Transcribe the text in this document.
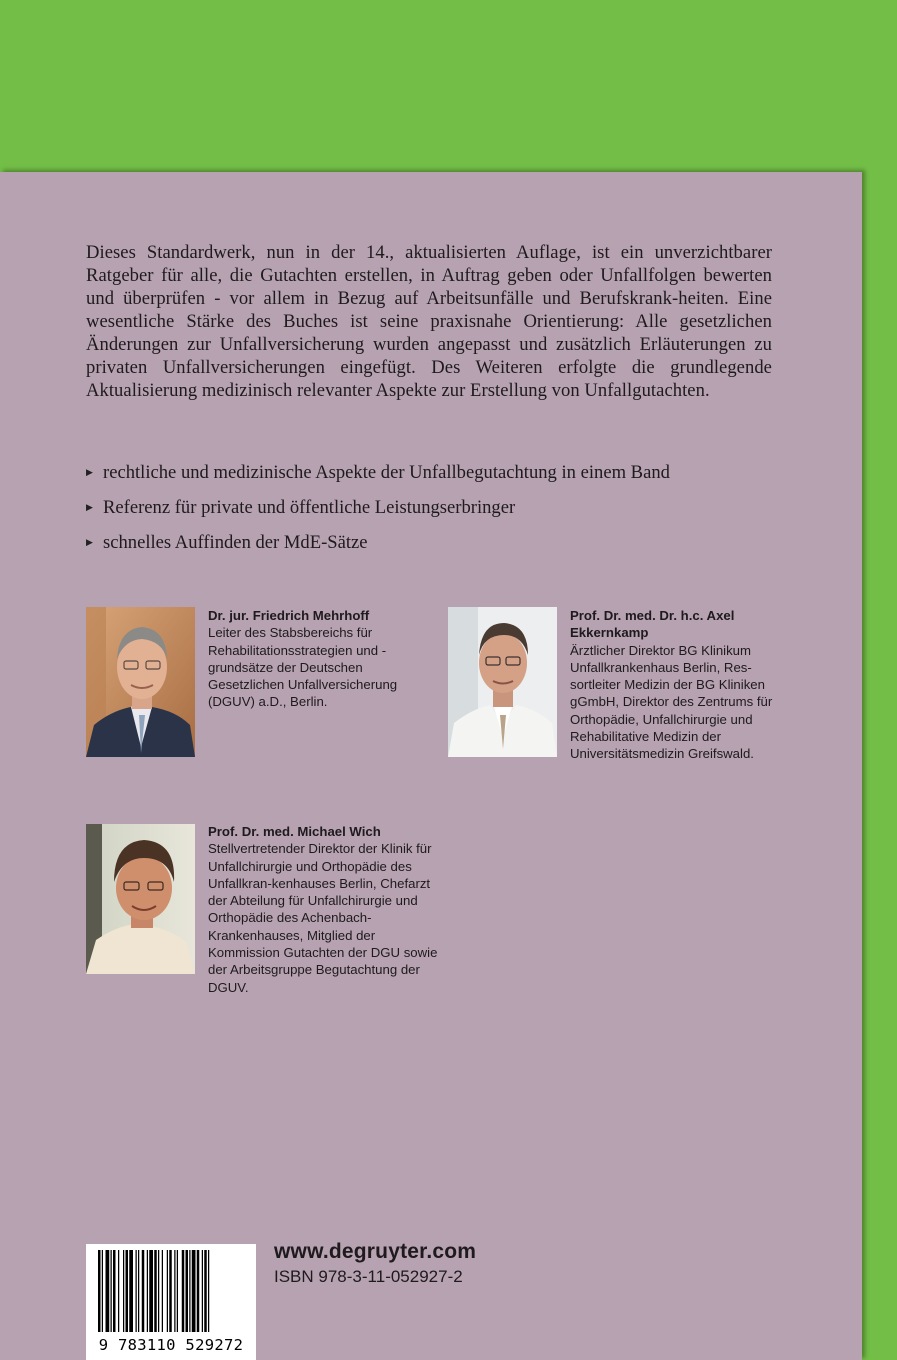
Dieses Standardwerk, nun in der 14., aktualisierten Auflage, ist ein unverzichtbarer Ratgeber für alle, die Gutachten erstellen, in Auftrag geben oder Unfallfolgen bewerten und überprüfen - vor allem in Bezug auf Arbeitsunfälle und Berufskrank-heiten. Eine wesentliche Stärke des Buches ist seine praxisnahe Orientierung: Alle gesetzlichen Änderungen zur Unfallversicherung wurden angepasst und zusätzlich Erläuterungen zu privaten Unfallversicherungen eingefügt. Des Weiteren erfolgte die grundlegende Aktualisierung medizinisch relevanter Aspekte zur Erstellung von Unfallgutachten.

▶ rechtliche und medizinische Aspekte der Unfallbegutachtung in einem Band
▶ Referenz für private und öffentliche Leistungserbringer
▶ schnelles Auffinden der MdE-Sätze
Dr. jur. Friedrich Mehrhoff
Leiter des Stabsbereichs für Rehabilitationsstrategien und -grundsätze der Deutschen Gesetzlichen Unfallversicherung (DGUV) a.D., Berlin.
Prof. Dr. med. Dr. h.c. Axel Ekkernkamp
Ärztlicher Direktor BG Klinikum Unfallkrankenhaus Berlin, Res-sortleiter Medizin der BG Kliniken gGmbH, Direktor des Zentrums für Orthopädie, Unfallchirurgie und Rehabilitative Medizin der Universitätsmedizin Greifswald.
Prof. Dr. med. Michael Wich
Stellvertretender Direktor der Klinik für Unfallchirurgie und Orthopädie des Unfallkran-kenhauses Berlin, Chefarzt der Abteilung für Unfallchirurgie und Orthopädie des Achenbach-Krankenhauses, Mitglied der Kommission Gutachten der DGU sowie der Arbeitsgruppe Begutachtung der DGUV.
9 783110 529272
www.degruyter.com
ISBN 978-3-11-052927-2
